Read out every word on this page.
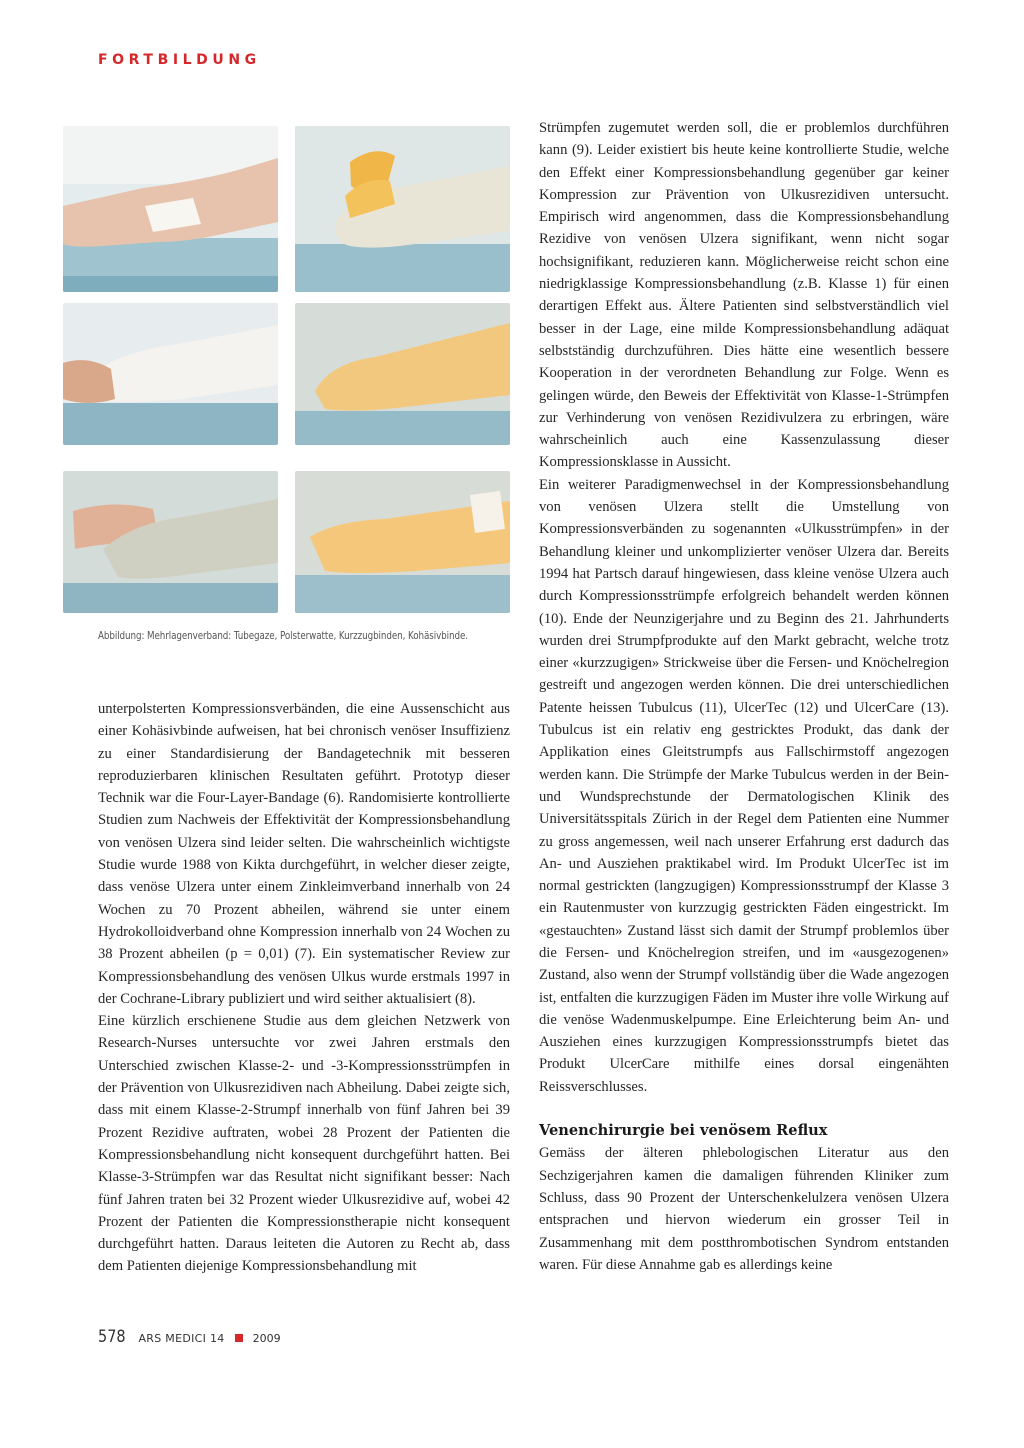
FORTBILDUNG
Abbildung: Mehrlagenverband: Tubegaze, Polsterwatte, Kurzzugbinden, Kohäsivbinde.

unterpolsterten Kompressionsverbänden, die eine Aussenschicht aus einer Kohäsivbinde aufweisen, hat bei chronisch venöser Insuffizienz zu einer Standardisierung der Bandagetechnik mit besseren reproduzierbaren klinischen Resultaten geführt. Prototyp dieser Technik war die Four-Layer-Bandage (6). Randomisierte kontrollierte Studien zum Nachweis der Effektivität der Kompressionsbehandlung von venösen Ulzera sind leider selten. Die wahrscheinlich wichtigste Studie wurde 1988 von Kikta durchgeführt, in welcher dieser zeigte, dass venöse Ulzera unter einem Zinkleimverband innerhalb von 24 Wochen zu 70 Prozent abheilen, während sie unter einem Hydrokolloidverband ohne Kompression innerhalb von 24 Wochen zu 38 Prozent abheilen (p = 0,01) (7). Ein systematischer Review zur Kompressionsbehandlung des venösen Ulkus wurde erstmals 1997 in der Cochrane-Library publiziert und wird seither aktualisiert (8).

Eine kürzlich erschienene Studie aus dem gleichen Netzwerk von Research-Nurses untersuchte vor zwei Jahren erstmals den Unterschied zwischen Klasse-2- und -3-Kompressionsstrümpfen in der Prävention von Ulkusrezidiven nach Abheilung. Dabei zeigte sich, dass mit einem Klasse-2-Strumpf innerhalb von fünf Jahren bei 39 Prozent Rezidive auftraten, wobei 28 Prozent der Patienten die Kompressionsbehandlung nicht konsequent durchgeführt hatten. Bei Klasse-3-Strümpfen war das Resultat nicht signifikant besser: Nach fünf Jahren traten bei 32 Prozent wieder Ulkusrezidive auf, wobei 42 Prozent der Patienten die Kompressionstherapie nicht konsequent durchgeführt hatten. Daraus leiteten die Autoren zu Recht ab, dass dem Patienten diejenige Kompressionsbehandlung mit

Strümpfen zugemutet werden soll, die er problemlos durchführen kann (9). Leider existiert bis heute keine kontrollierte Studie, welche den Effekt einer Kompressionsbehandlung gegenüber gar keiner Kompression zur Prävention von Ulkusrezidiven untersucht. Empirisch wird angenommen, dass die Kompressionsbehandlung Rezidive von venösen Ulzera signifikant, wenn nicht sogar hochsignifikant, reduzieren kann. Möglicherweise reicht schon eine niedrigklassige Kompressionsbehandlung (z.B. Klasse 1) für einen derartigen Effekt aus. Ältere Patienten sind selbstverständlich viel besser in der Lage, eine milde Kompressionsbehandlung adäquat selbstständig durchzuführen. Dies hätte eine wesentlich bessere Kooperation in der verordneten Behandlung zur Folge. Wenn es gelingen würde, den Beweis der Effektivität von Klasse-1-Strümpfen zur Verhinderung von venösen Rezidivulzera zu erbringen, wäre wahrscheinlich auch eine Kassenzulassung dieser Kompressionsklasse in Aussicht.

Ein weiterer Paradigmenwechsel in der Kompressionsbehandlung von venösen Ulzera stellt die Umstellung von Kompressionsverbänden zu sogenannten «Ulkusstrümpfen» in der Behandlung kleiner und unkomplizierter venöser Ulzera dar. Bereits 1994 hat Partsch darauf hingewiesen, dass kleine venöse Ulzera auch durch Kompressionsstrümpfe erfolgreich behandelt werden können (10). Ende der Neunzigerjahre und zu Beginn des 21. Jahrhunderts wurden drei Strumpfprodukte auf den Markt gebracht, welche trotz einer «kurzzugigen» Strickweise über die Fersen- und Knöchelregion gestreift und angezogen werden können. Die drei unterschiedlichen Patente heissen Tubulcus (11), UlcerTec (12) und UlcerCare (13). Tubulcus ist ein relativ eng gestricktes Produkt, das dank der Applikation eines Gleitstrumpfs aus Fallschirmstoff angezogen werden kann. Die Strümpfe der Marke Tubulcus werden in der Bein- und Wundsprechstunde der Dermatologischen Klinik des Universitätsspitals Zürich in der Regel dem Patienten eine Nummer zu gross angemessen, weil nach unserer Erfahrung erst dadurch das An- und Ausziehen praktikabel wird. Im Produkt UlcerTec ist im normal gestrickten (langzugigen) Kompressionsstrumpf der Klasse 3 ein Rautenmuster von kurzzugig gestrickten Fäden eingestrickt. Im «gestauchten» Zustand lässt sich damit der Strumpf problemlos über die Fersen- und Knöchelregion streifen, und im «ausgezogenen» Zustand, also wenn der Strumpf vollständig über die Wade angezogen ist, entfalten die kurzzugigen Fäden im Muster ihre volle Wirkung auf die venöse Wadenmuskelpumpe. Eine Erleichterung beim An- und Ausziehen eines kurzzugigen Kompressionsstrumpfs bietet das Produkt UlcerCare mithilfe eines dorsal eingenähten Reissverschlusses.

Venenchirurgie bei venösem Reflux

Gemäss der älteren phlebologischen Literatur aus den Sechzigerjahren kamen die damaligen führenden Kliniker zum Schluss, dass 90 Prozent der Unterschenkelulzera venösen Ulzera entsprachen und hiervon wiederum ein grosser Teil in Zusammenhang mit dem postthrombotischen Syndrom entstanden waren. Für diese Annahme gab es allerdings keine

578 ARS MEDICI 14	2009
